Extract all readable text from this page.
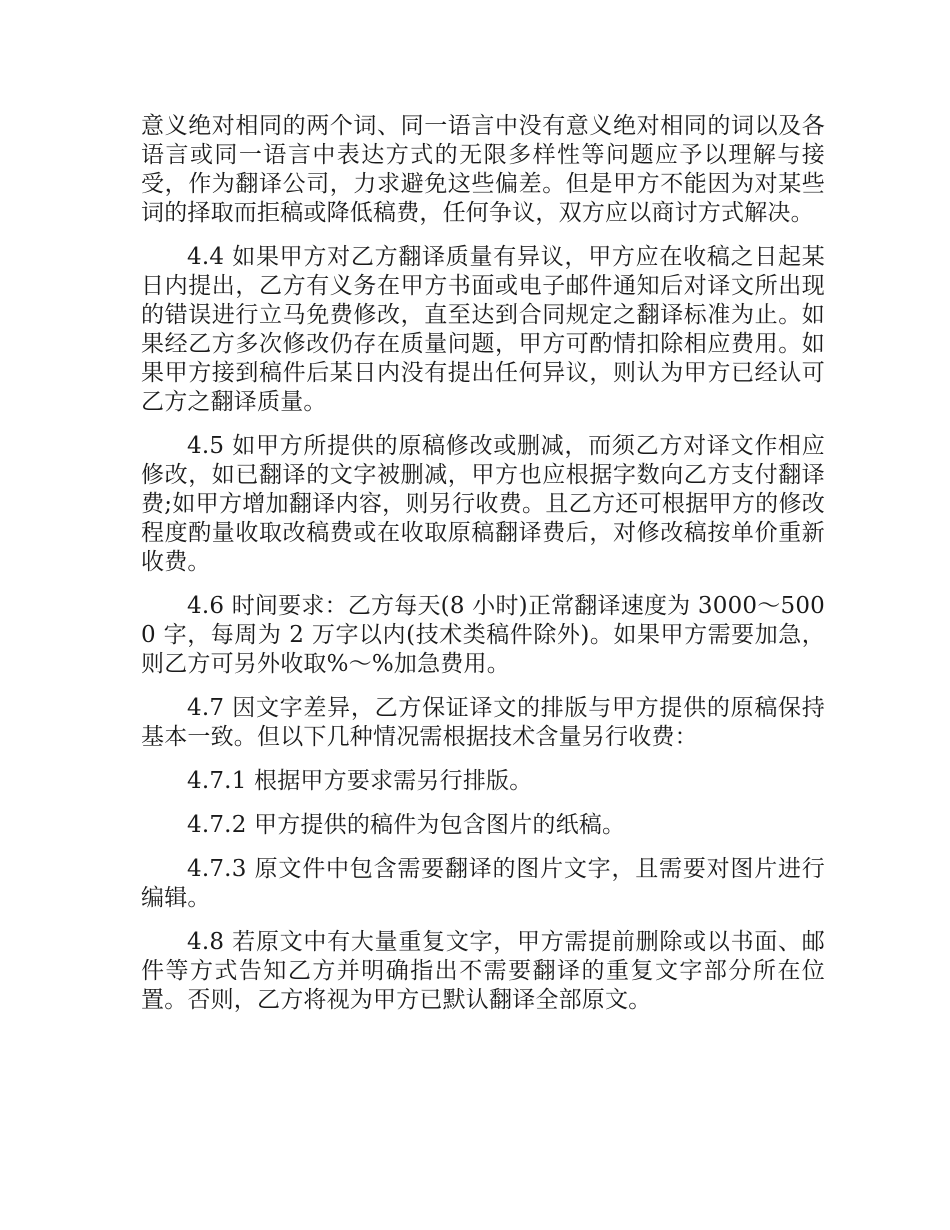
意义绝对相同的两个词、同一语言中没有意义绝对相同的词以及各语言或同一语言中表达方式的无限多样性等问题应予以理解与接受，作为翻译公司，力求避免这些偏差。但是甲方不能因为对某些词的择取而拒稿或降低稿费，任何争议，双方应以商讨方式解决。

4.4 如果甲方对乙方翻译质量有异议，甲方应在收稿之日起某日内提出，乙方有义务在甲方书面或电子邮件通知后对译文所出现的错误进行立马免费修改，直至达到合同规定之翻译标准为止。如果经乙方多次修改仍存在质量问题，甲方可酌情扣除相应费用。如果甲方接到稿件后某日内没有提出任何异议，则认为甲方已经认可乙方之翻译质量。

4.5 如甲方所提供的原稿修改或删减，而须乙方对译文作相应修改，如已翻译的文字被删减，甲方也应根据字数向乙方支付翻译费;如甲方增加翻译内容，则另行收费。且乙方还可根据甲方的修改程度酌量收取改稿费或在收取原稿翻译费后，对修改稿按单价重新收费。

4.6 时间要求：乙方每天(8 小时)正常翻译速度为 3000～5000 字，每周为 2 万字以内(技术类稿件除外)。如果甲方需要加急，则乙方可另外收取%～%加急费用。

4.7 因文字差异，乙方保证译文的排版与甲方提供的原稿保持基本一致。但以下几种情况需根据技术含量另行收费：

4.7.1 根据甲方要求需另行排版。

4.7.2 甲方提供的稿件为包含图片的纸稿。

4.7.3 原文件中包含需要翻译的图片文字，且需要对图片进行编辑。

4.8 若原文中有大量重复文字，甲方需提前删除或以书面、邮件等方式告知乙方并明确指出不需要翻译的重复文字部分所在位置。否则，乙方将视为甲方已默认翻译全部原文。
